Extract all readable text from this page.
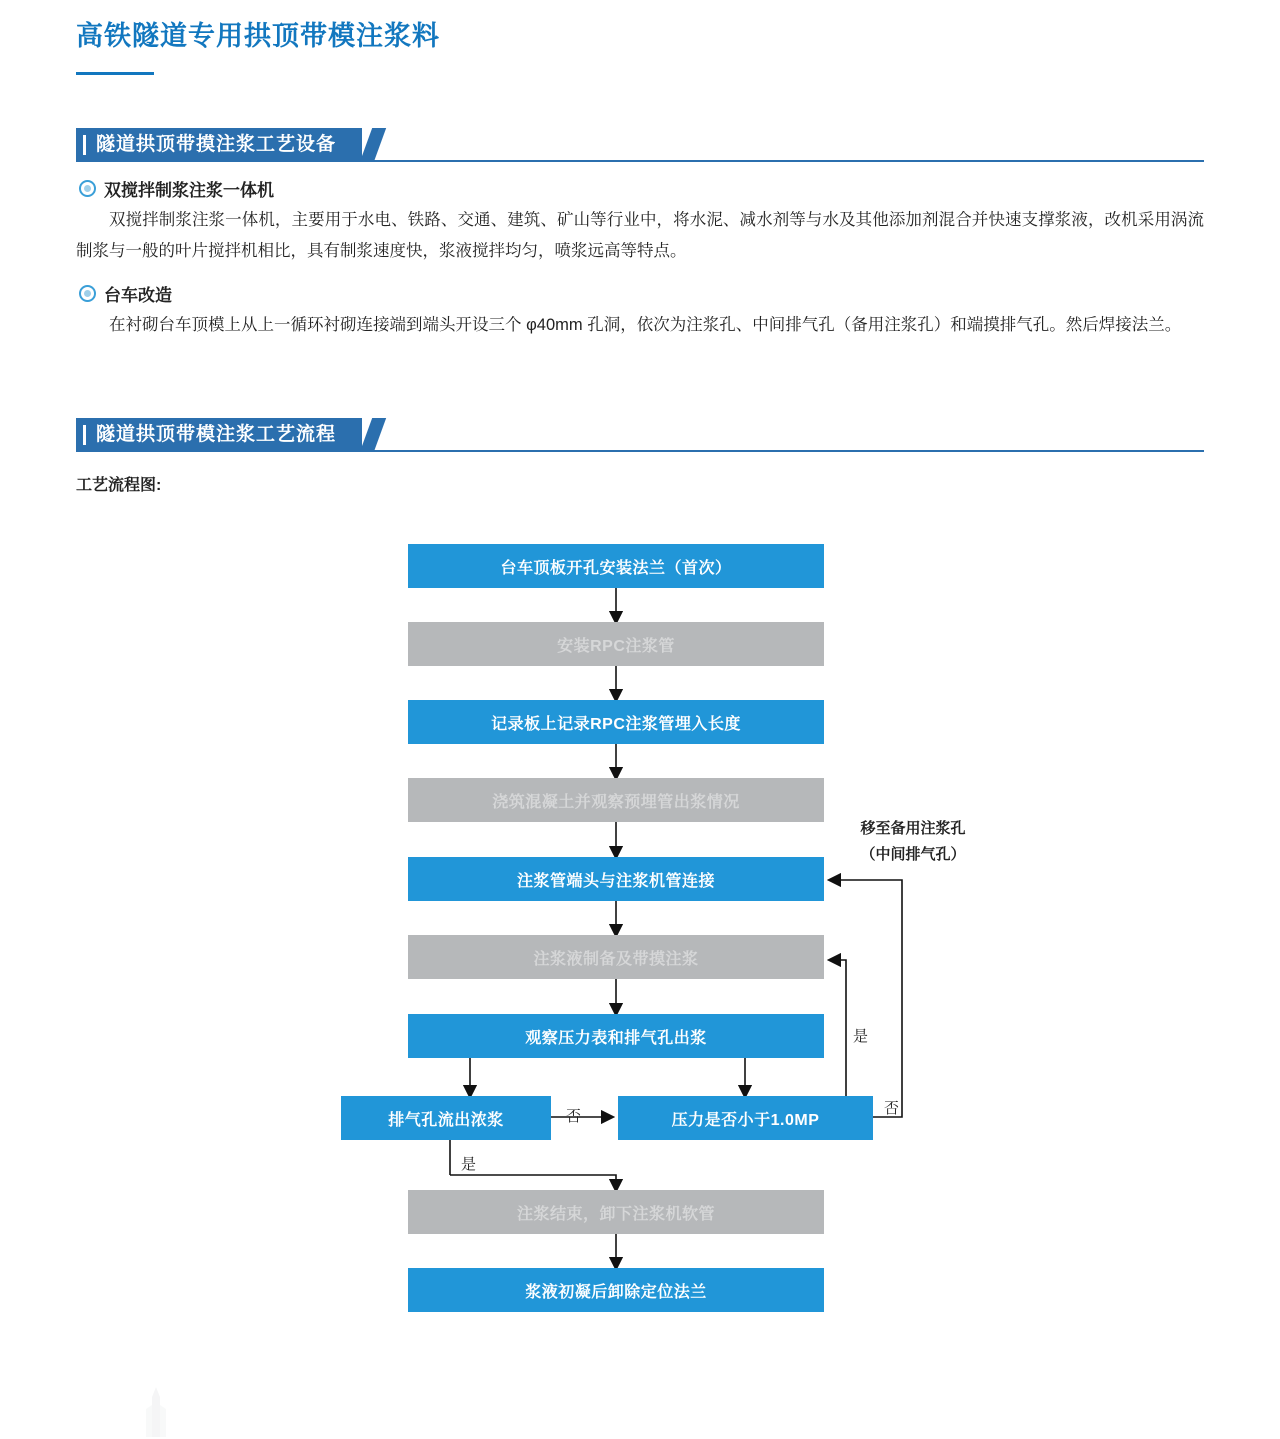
高铁隧道专用拱顶带模注浆料
隧道拱顶带摸注浆工艺设备
双搅拌制浆注浆一体机
双搅拌制浆注浆一体机，主要用于水电、铁路、交通、建筑、矿山等行业中，将水泥、减水剂等与水及其他添加剂混合并快速支撑浆液，改机采用涡流制浆与一般的叶片搅拌机相比，具有制浆速度快，浆液搅拌均匀，喷浆远高等特点。
台车改造
在衬砌台车顶模上从上一循环衬砌连接端到端头开设三个 φ40mm 孔洞，依次为注浆孔、中间排气孔（备用注浆孔）和端摸排气孔。然后焊接法兰。
隧道拱顶带模注浆工艺流程
工艺流程图:
台车顶板开孔安装法兰（首次）
安装RPC注浆管
记录板上记录RPC注浆管埋入长度
浇筑混凝土并观察预埋管出浆情况
注浆管端头与注浆机管连接
注浆液制备及带摸注浆
观察压力表和排气孔出浆
排气孔流出浓浆	压力是否小于1.0MP
注浆结束，卸下注浆机软管
浆液初凝后卸除定位法兰
否
是
是
否
移至备用注浆孔
（中间排气孔）
